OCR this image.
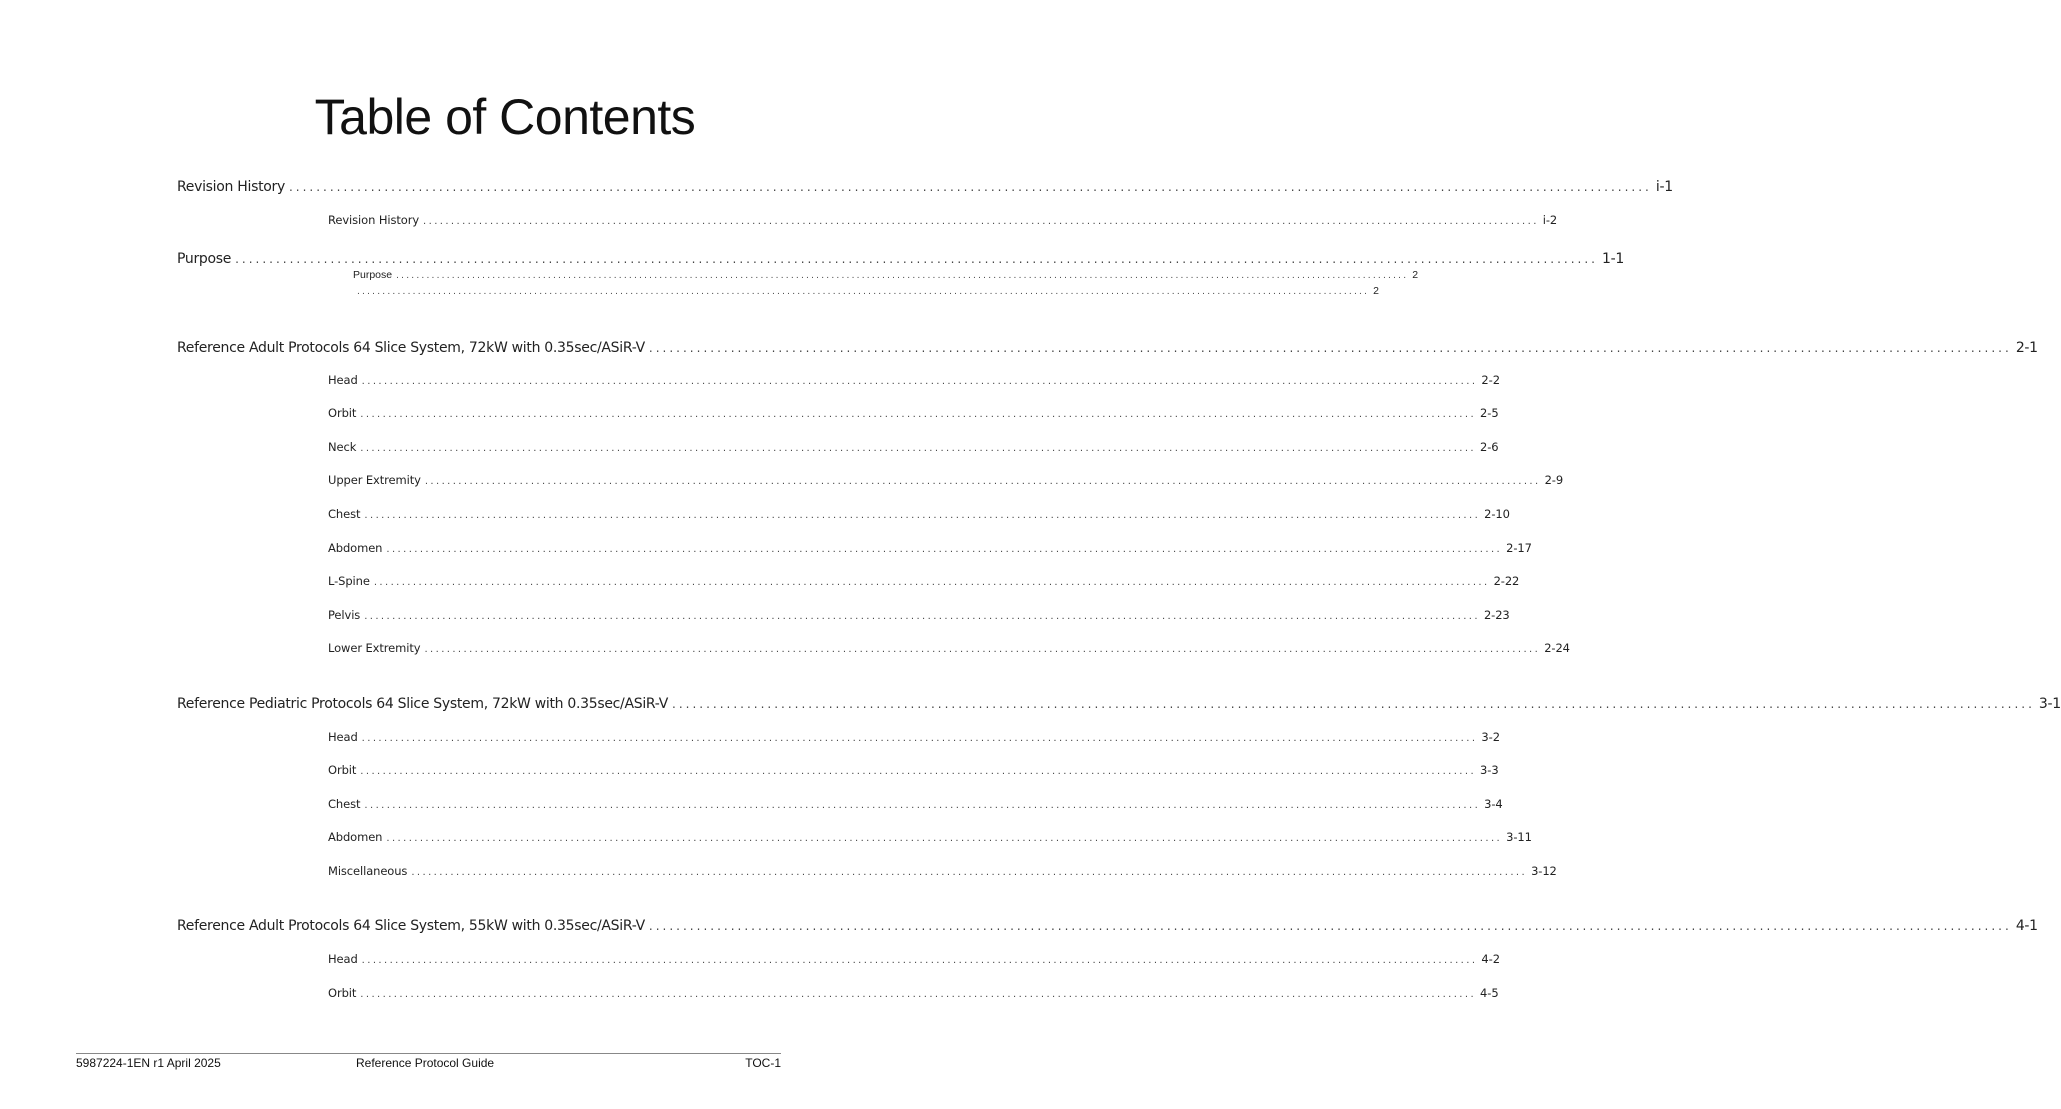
Table of Contents
Revision History ........................................................................................................................................................................................................ i-1
Revision History ........................................................................................................................................................................................................ i-2
Purpose ........................................................................................................................................................................................................ 1-1
Purpose ........................................................................................................................................................................................................ 2
........................................................................................................................................................................................................ 2
Reference Adult Protocols 64 Slice System, 72kW with 0.35sec/ASiR-V ........................................................................................................................................................................................................ 2-1
Head ........................................................................................................................................................................................................ 2-2
Orbit ........................................................................................................................................................................................................ 2-5
Neck ........................................................................................................................................................................................................ 2-6
Upper Extremity ........................................................................................................................................................................................................ 2-9
Chest ........................................................................................................................................................................................................ 2-10
Abdomen ........................................................................................................................................................................................................ 2-17
L-Spine ........................................................................................................................................................................................................ 2-22
Pelvis ........................................................................................................................................................................................................ 2-23
Lower Extremity ........................................................................................................................................................................................................ 2-24
Reference Pediatric Protocols 64 Slice System, 72kW with 0.35sec/ASiR-V ........................................................................................................................................................................................................ 3-1
Head ........................................................................................................................................................................................................ 3-2
Orbit ........................................................................................................................................................................................................ 3-3
Chest ........................................................................................................................................................................................................ 3-4
Abdomen ........................................................................................................................................................................................................ 3-11
Miscellaneous ........................................................................................................................................................................................................ 3-12
Reference Adult Protocols 64 Slice System, 55kW with 0.35sec/ASiR-V ........................................................................................................................................................................................................ 4-1
Head ........................................................................................................................................................................................................ 4-2
Orbit ........................................................................................................................................................................................................ 4-5
5987224-1EN r1 April 2025	Reference Protocol Guide	TOC-1
